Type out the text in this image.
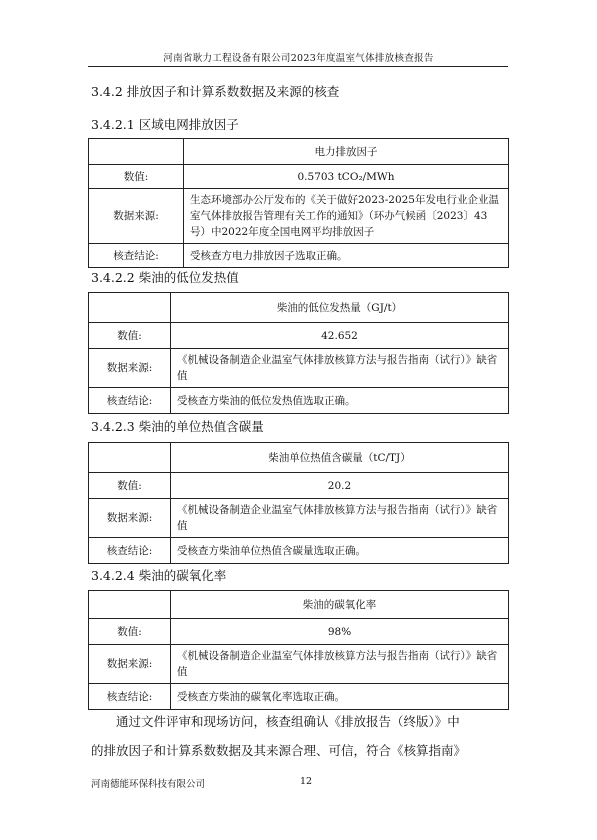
河南省耿力工程设备有限公司2023年度温室气体排放核查报告
3.4.2 排放因子和计算系数数据及来源的核查
3.4.2.1 区域电网排放因子
	电力排放因子
数值:	0.5703 tCO₂/MWh
数据来源:	生态环境部办公厅发布的《关于做好2023-2025年发电行业企业温室气体排放报告管理有关工作的通知》（环办气候函〔2023〕43号）中2022年度全国电网平均排放因子
核查结论:	受核查方电力排放因子选取正确。
3.4.2.2 柴油的低位发热值
	柴油的低位发热量（GJ/t）
数值:	42.652
数据来源:	《机械设备制造企业温室气体排放核算方法与报告指南（试行）》缺省值
核查结论:	受核查方柴油的低位发热值选取正确。
3.4.2.3 柴油的单位热值含碳量
	柴油单位热值含碳量（tC/TJ）
数值:	20.2
数据来源:	《机械设备制造企业温室气体排放核算方法与报告指南（试行）》缺省值
核查结论:	受核查方柴油单位热值含碳量选取正确。
3.4.2.4 柴油的碳氧化率
	柴油的碳氧化率
数值:	98%
数据来源:	《机械设备制造企业温室气体排放核算方法与报告指南（试行）》缺省值
核查结论:	受核查方柴油的碳氧化率选取正确。
通过文件评审和现场访问，核查组确认《排放报告（终版）》中
的排放因子和计算系数数据及其来源合理、可信，符合《核算指南》
河南德能环保科技有限公司	12
